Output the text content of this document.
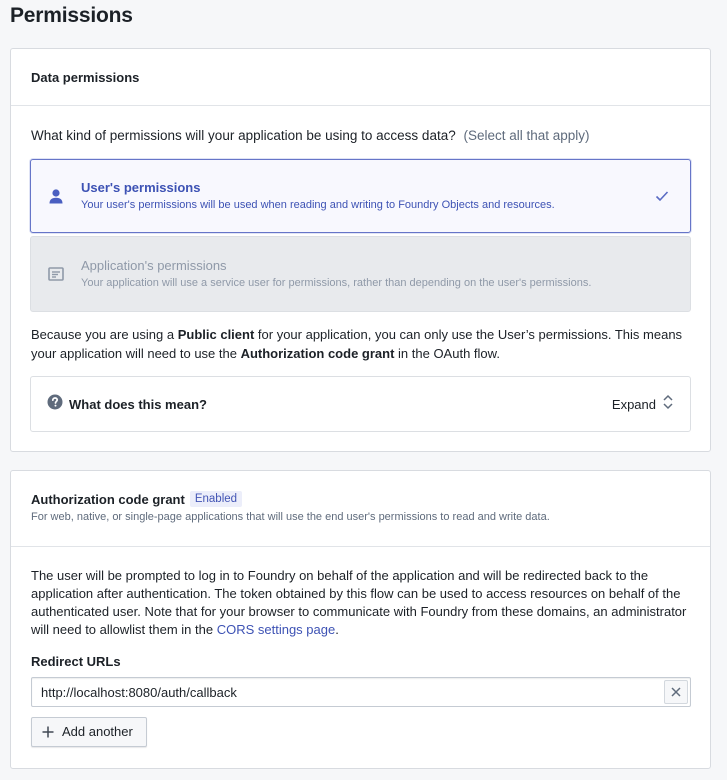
Permissions
Data permissions
What kind of permissions will your application be using to access data? (Select all that apply)
User's permissions
Your user's permissions will be used when reading and writing to Foundry Objects and resources.
Application's permissions
Your application will use a service user for permissions, rather than depending on the user's permissions.
Because you are using a Public client for your application, you can only use the User’s permissions. This means your application will need to use the Authorization code grant in the OAuth flow.
What does this mean?	Expand
Authorization code grant Enabled
For web, native, or single-page applications that will use the end user's permissions to read and write data.
The user will be prompted to log in to Foundry on behalf of the application and will be redirected back to the application after authentication. The token obtained by this flow can be used to access resources on behalf of the authenticated user. Note that for your browser to communicate with Foundry from these domains, an administrator will need to allowlist them in the CORS settings page.
Redirect URLs
http://localhost:8080/auth/callback
Add another
